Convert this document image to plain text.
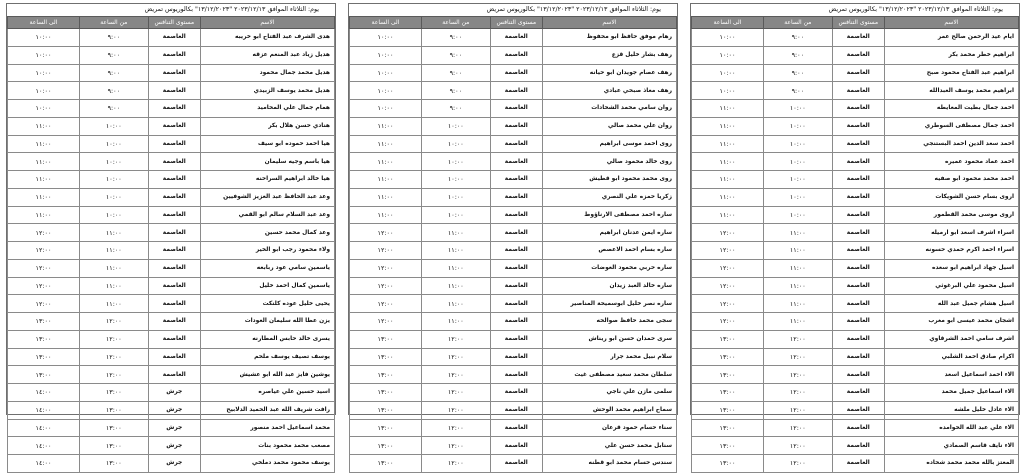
يوم: الثلاثاء الموافق ٢٠٢٣/١٢/١٣ "١٣/١٢/٢٠٢٣" بكالوريوس تمريض
الاسم	مستوى التنافس	من الساعة	الى الساعة
ايام عيد الرحمن صالح عمر	العاصمة	٩:٠٠	١٠:٠٠
ابراهيم خطر محمد بكر	العاصمة	٩:٠٠	١٠:٠٠
ابراهيم عبد الفتاح محمود صبح	العاصمة	٩:٠٠	١٠:٠٠
ابراهيم محمد يوسف العبدالله	العاصمة	٩:٠٠	١٠:٠٠
احمد جمال بطيت المعايطه	العاصمة	١٠:٠٠	١١:٠٠
احمد جمال مصطفى السوطري	العاصمة	١٠:٠٠	١١:٠٠
احمد سعد الدين احمد البستنجي	العاصمة	١٠:٠٠	١١:٠٠
احمد عماد محمود عميره	العاصمة	١٠:٠٠	١١:٠٠
احمد محمد محمود ابو صفيه	العاصمة	١٠:٠٠	١١:٠٠
اروى بسام حسن الشويكات	العاصمة	١٠:٠٠	١١:٠٠
اروى موسى محمد القطمور	العاصمة	١٠:٠٠	١١:٠٠
اسراء اشرف اسعد ابو ارميله	العاصمة	١١:٠٠	١٢:٠٠
اسراء احمد اكرم حمدي حسونه	العاصمة	١١:٠٠	١٢:٠٠
اسيل جهاد ابراهيم ابو سعده	العاصمة	١١:٠٠	١٢:٠٠
اسيل محمود علي البرغوثي	العاصمة	١١:٠٠	١٢:٠٠
اسيل هشام جميل عبد الله	العاصمة	١١:٠٠	١٢:٠٠
اشجان محمد عيسى ابو مغرب	العاصمة	١١:٠٠	١٢:٠٠
اشرف سامي احمد الشرقاوي	العاصمة	١٢:٠٠	١٣:٠٠
اكرام صادق احمد الشلبي	العاصمة	١٢:٠٠	١٣:٠٠
الاء احمد اسماعيل اسعد	العاصمة	١٢:٠٠	١٣:٠٠
الاء اسماعيل جميل محمد	العاصمة	١٢:٠٠	١٣:٠٠
الاء عادل خليل ملشه	العاصمة	١٢:٠٠	١٣:٠٠
الاء علي عبد الله الحوامده	العاصمة	١٢:٠٠	١٣:٠٠
الاء نايف قاسم الصمادي	العاصمة	١٢:٠٠	١٣:٠٠
المعتز بالله محمد محمد شحاده	العاصمة	١٢:٠٠	١٣:٠٠
يوم: الثلاثاء الموافق ٢٠٢٣/١٢/١٣ "١٣/١٢/٢٠٢٣" بكالوريوس تمريض
الاسم	مستوى التنافس	من الساعة	الى الساعة
رهام موفق حافظ ابو محفوظ	العاصمة	٩:٠٠	١٠:٠٠
رهف بشار خليل قزع	العاصمة	٩:٠٠	١٠:٠٠
رهف عصام جويدان ابو حيانه	العاصمة	٩:٠٠	١٠:٠٠
رهف معاذ صبحي عبادي	العاصمة	٩:٠٠	١٠:٠٠
روان سامي محمد الشحادات	العاصمة	٩:٠٠	١٠:٠٠
روان علي محمد صالي	العاصمة	١٠:٠٠	١١:٠٠
روى احمد موسى ابراهيم	العاصمة	١٠:٠٠	١١:٠٠
روى خالد محمود صالي	العاصمة	١٠:٠٠	١١:٠٠
روى محمد محمود ابو قطيش	العاصمة	١٠:٠٠	١١:٠٠
زكريا حمزه علي النصري	العاصمة	١٠:٠٠	١١:٠٠
ساره احمد مصطفى الارناؤوط	العاصمة	١٠:٠٠	١١:٠٠
ساره ايمن عدنان ابراهيم	العاصمة	١١:٠٠	١٢:٠٠
ساره بسام احمد الاعصص	العاصمة	١١:٠٠	١٢:٠٠
ساره حربي محمود العوضات	العاصمة	١١:٠٠	١٢:٠٠
ساره خالد العبد زيدان	العاصمة	١١:٠٠	١٢:٠٠
ساره نصر خليل ابوسميحة المناصير	العاصمة	١١:٠٠	١٢:٠٠
سجى محمد حافظ صوالحه	العاصمة	١١:٠٠	١٢:٠٠
سرى حمدان حسن ابو ريناش	العاصمة	١٢:٠٠	١٣:٠٠
سلام نبيل محمد جرار	العاصمة	١٢:٠٠	١٣:٠٠
سلطان محمد سعيد مصطفى غيث	العاصمة	١٢:٠٠	١٣:٠٠
سلمى مازن علي ناجي	العاصمة	١٢:٠٠	١٣:٠٠
سماح ابراهيم محمد الوحش	العاصمة	١٢:٠٠	١٣:٠٠
سناء حسام حمود قرعان	العاصمة	١٢:٠٠	١٣:٠٠
سنابل محمد حسن علي	العاصمة	١٢:٠٠	١٣:٠٠
سندس حسام محمد ابو قطنه	العاصمة	١٢:٠٠	١٣:٠٠
يوم: الثلاثاء الموافق ٢٠٢٣/١٢/١٣ "١٣/١٢/٢٠٢٣" بكالوريوس تمريض
الاسم	مستوى التنافس	من الساعة	الى الساعة
هدى الشرف عبد الفتاح ابو خريبه	العاصمة	٩:٠٠	١٠:٠٠
هديل زياد عبد المنعم عزقه	العاصمة	٩:٠٠	١٠:٠٠
هديل محمد جمال محمود	العاصمة	٩:٠٠	١٠:٠٠
هديل محمد يوسف الزبيدي	العاصمة	٩:٠٠	١٠:٠٠
همام جمال علي المحاميد	العاصمة	٩:٠٠	١٠:٠٠
هنادي حسن هلال بكر	العاصمة	١٠:٠٠	١١:٠٠
هيا احمد حموده ابو سيف	العاصمة	١٠:٠٠	١١:٠٠
هيا باسم وجيه سليمان	العاصمة	١٠:٠٠	١١:٠٠
هيا خالد ابراهيم السراحنه	العاصمة	١٠:٠٠	١١:٠٠
وعد عبد الحافظ عبد العزيز الشوفيين	العاصمة	١٠:٠٠	١١:٠٠
وعد عبد السلام سالم ابو القمي	العاصمة	١٠:٠٠	١١:٠٠
وعد كمال محمد حسين	العاصمة	١١:٠٠	١٢:٠٠
ولاء محمود رجب ابو الخير	العاصمة	١١:٠٠	١٢:٠٠
ياسمين سامي عود ربابعه	العاصمة	١١:٠٠	١٢:٠٠
ياسمين كمال احمد خليل	العاصمة	١١:٠٠	١٢:٠٠
يحيى خليل عوده كلنكت	العاصمة	١١:٠٠	١٢:٠٠
يزن عطا الله سليمان العودات	العاصمة	١٢:٠٠	١٣:٠٠
يسرى خالد حابس المطارنه	العاصمة	١٢:٠٠	١٣:٠٠
يوسف تصيف يوسف ملحم	العاصمة	١٢:٠٠	١٣:٠٠
يوشين فايز عبد الله ابو عشيش	العاصمة	١٢:٠٠	١٣:٠٠
اسيد حسين علي عياصره	جرش	١٣:٠٠	١٤:٠٠
رافت شريف الله عبد الحميد الدلابيح	جرش	١٣:٠٠	١٤:٠٠
محمد اسماعيل احمد منصور	جرش	١٣:٠٠	١٤:٠٠
مصعب محمد محمود بنات	جرش	١٣:٠٠	١٤:٠٠
يوسف محمود محمد دملخي	جرش	١٣:٠٠	١٤:٠٠
